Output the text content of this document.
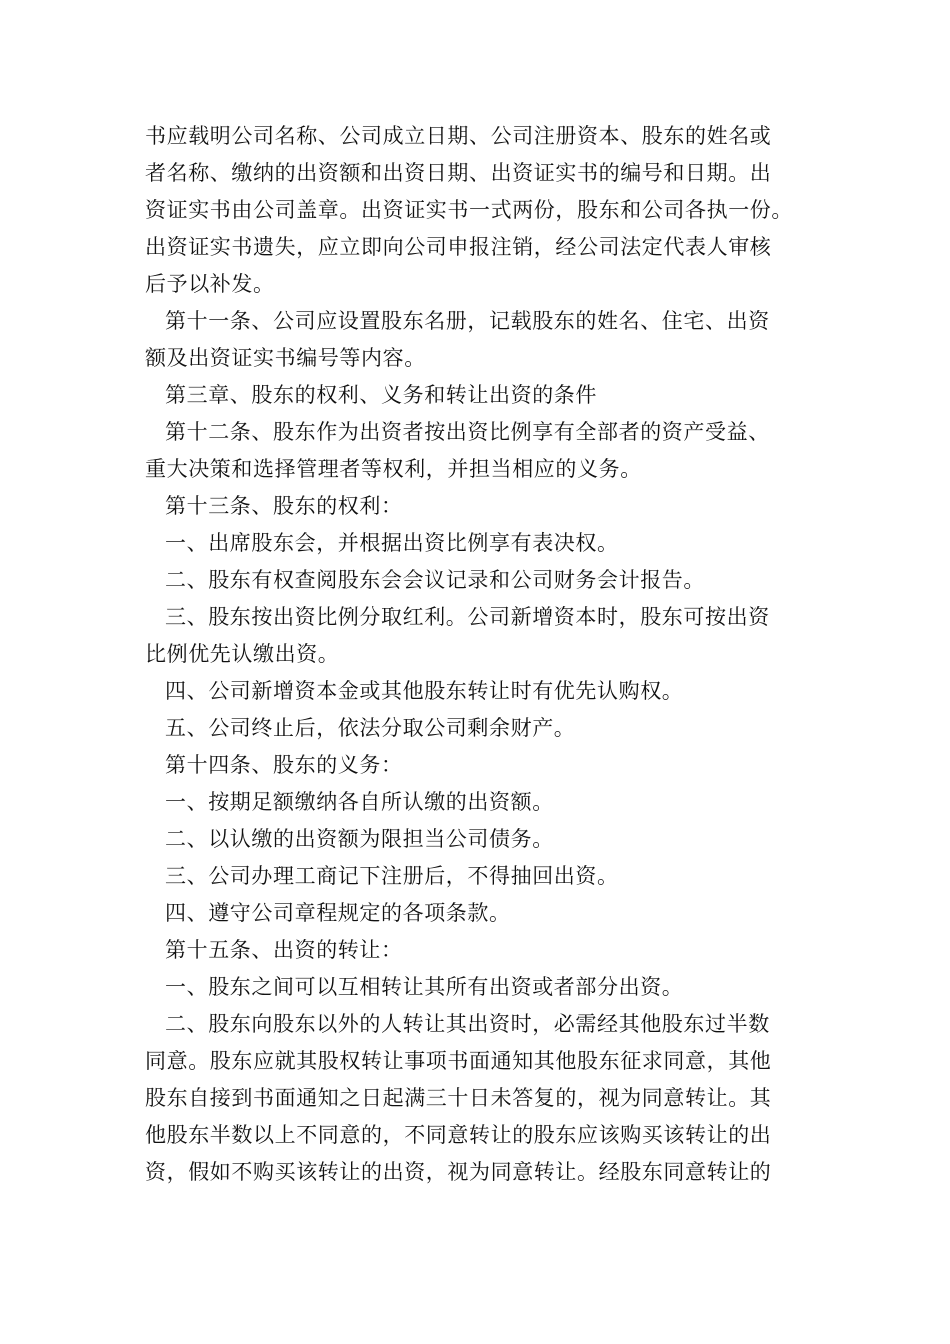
书应载明公司名称、公司成立日期、公司注册资本、股东的姓名或
者名称、缴纳的出资额和出资日期、出资证实书的编号和日期。出
资证实书由公司盖章。出资证实书一式两份，股东和公司各执一份。
出资证实书遗失，应立即向公司申报注销，经公司法定代表人审核
后予以补发。
第十一条、公司应设置股东名册，记载股东的姓名、住宅、出资
额及出资证实书编号等内容。
第三章、股东的权利、义务和转让出资的条件
第十二条、股东作为出资者按出资比例享有全部者的资产受益、
重大决策和选择管理者等权利，并担当相应的义务。
第十三条、股东的权利：
一、出席股东会，并根据出资比例享有表决权。
二、股东有权查阅股东会会议记录和公司财务会计报告。
三、股东按出资比例分取红利。公司新增资本时，股东可按出资
比例优先认缴出资。
四、公司新增资本金或其他股东转让时有优先认购权。
五、公司终止后，依法分取公司剩余财产。
第十四条、股东的义务：
一、按期足额缴纳各自所认缴的出资额。
二、以认缴的出资额为限担当公司债务。
三、公司办理工商记下注册后，不得抽回出资。
四、遵守公司章程规定的各项条款。
第十五条、出资的转让：
一、股东之间可以互相转让其所有出资或者部分出资。
二、股东向股东以外的人转让其出资时，必需经其他股东过半数
同意。股东应就其股权转让事项书面通知其他股东征求同意，其他
股东自接到书面通知之日起满三十日未答复的，视为同意转让。其
他股东半数以上不同意的，不同意转让的股东应该购买该转让的出
资，假如不购买该转让的出资，视为同意转让。经股东同意转让的
